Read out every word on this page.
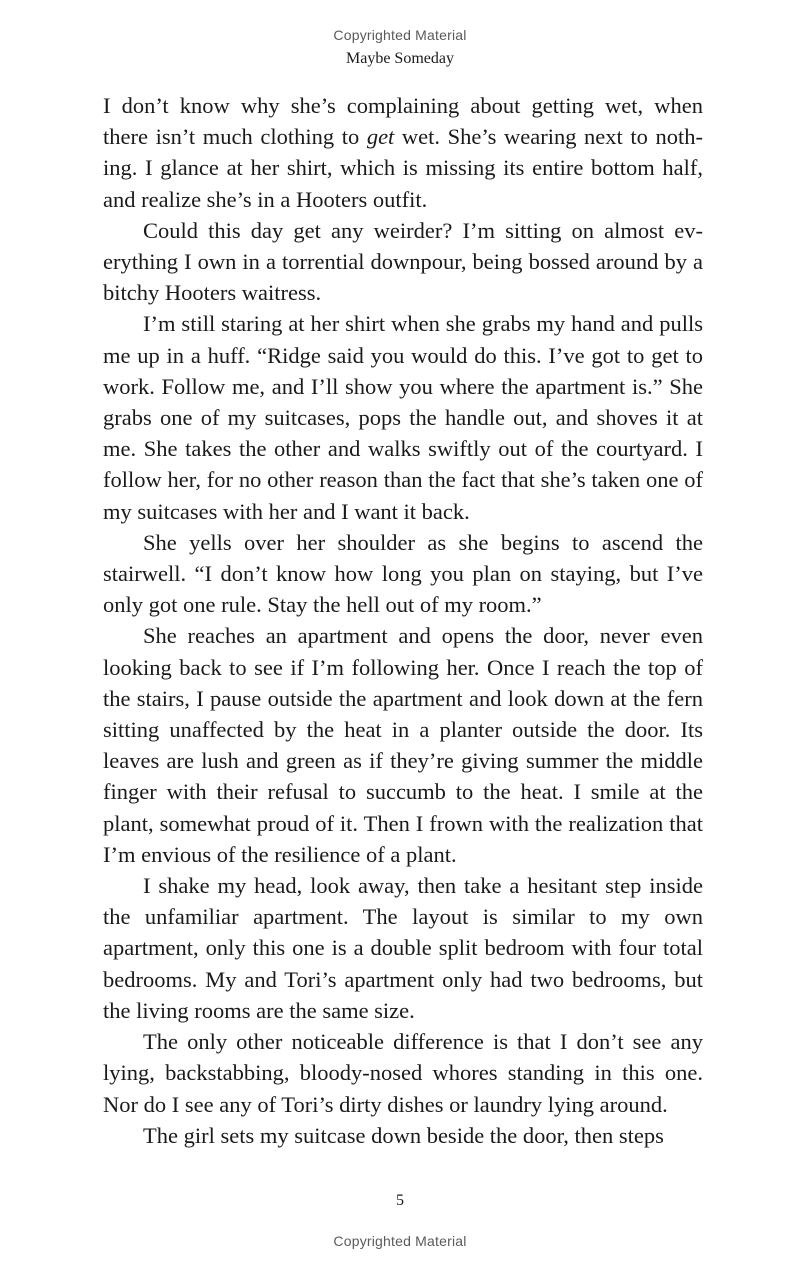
Copyrighted Material
Maybe Someday

I don’t know why she’s complaining about getting wet, when there isn’t much clothing to get wet. She’s wearing next to nothing. I glance at her shirt, which is missing its entire bottom half, and realize she’s in a Hooters outfit.

Could this day get any weirder? I’m sitting on almost everything I own in a torrential downpour, being bossed around by a bitchy Hooters waitress.

I’m still staring at her shirt when she grabs my hand and pulls me up in a huff. “Ridge said you would do this. I’ve got to get to work. Follow me, and I’ll show you where the apartment is.” She grabs one of my suitcases, pops the handle out, and shoves it at me. She takes the other and walks swiftly out of the courtyard. I follow her, for no other reason than the fact that she’s taken one of my suitcases with her and I want it back.

She yells over her shoulder as she begins to ascend the stairwell. “I don’t know how long you plan on staying, but I’ve only got one rule. Stay the hell out of my room.”

She reaches an apartment and opens the door, never even looking back to see if I’m following her. Once I reach the top of the stairs, I pause outside the apartment and look down at the fern sitting unaffected by the heat in a planter outside the door. Its leaves are lush and green as if they’re giving summer the middle finger with their refusal to succumb to the heat. I smile at the plant, somewhat proud of it. Then I frown with the realization that I’m envious of the resilience of a plant.

I shake my head, look away, then take a hesitant step inside the unfamiliar apartment. The layout is similar to my own apartment, only this one is a double split bedroom with four total bedrooms. My and Tori’s apartment only had two bedrooms, but the living rooms are the same size.

The only other noticeable difference is that I don’t see any lying, backstabbing, bloody-nosed whores standing in this one. Nor do I see any of Tori’s dirty dishes or laundry lying around.

The girl sets my suitcase down beside the door, then steps

5
Copyrighted Material
